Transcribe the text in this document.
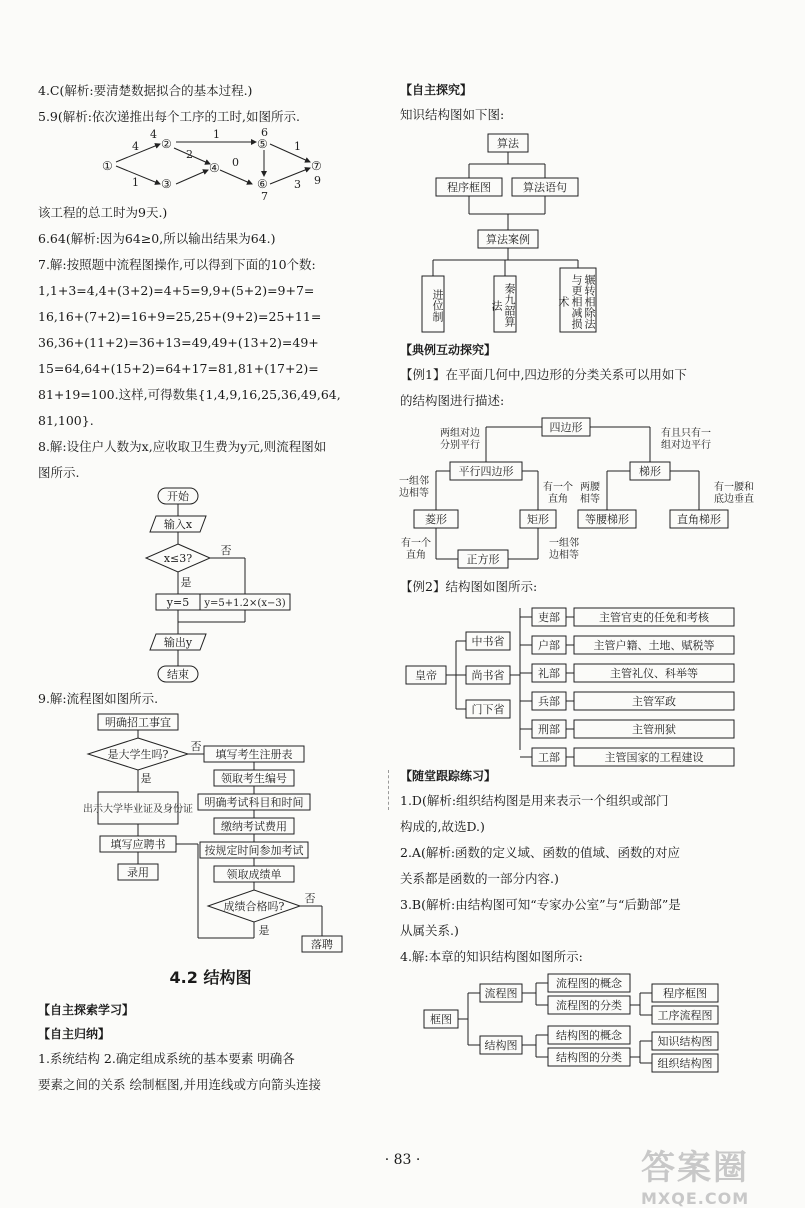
4.C(解析:要清楚数据拟合的基本过程.)

5.9(解析:依次递推出每个工序的工时,如图所示.

①
②
③
④
⑤
⑥
⑦
6
9
7
4
1
1
0
1
3
2
4

该工程的总工时为9天.)

6.64(解析:因为64≥0,所以输出结果为64.)

7.解:按照题中流程图操作,可以得到下面的10个数:

1,1+3=4,4+(3+2)=4+5=9,9+(5+2)=9+7=

16,16+(7+2)=16+9=25,25+(9+2)=25+11=

36,36+(11+2)=36+13=49,49+(13+2)=49+

15=64,64+(15+2)=64+17=81,81+(17+2)=

81+19=100.这样,可得数集{1,4,9,16,25,36,49,64,

81,100}.

8.解:设住户人数为x,应收取卫生费为y元,则流程图如

图所示.

开始
输入x
x≤3?
否
是
y=5 y=5+1.2×(x−3)
输出y
结束

9.解:流程图如图所示.

明确招工事宜
是大学生吗?
否
是
填写考生注册表
领取考生编号
明确考试科目和时间
缴纳考试费用
按规定时间参加考试
领取成绩单
成绩合格吗?
否
是
落聘
出示大学毕业证及身份证
填写应聘书
录用
4.2 结构图
【自主探索学习】
【自主归纳】

1.系统结构 2.确定组成系统的基本要素 明确各

要素之间的关系 绘制框图,并用连线或方向箭头连接

【自主探究】

知识结构图如下图:

算法
程序框图	算法语句
算法案例
进位制	秦九韶算法	辗转相除法与更相减损术
【典例互动探究】

【例1】在平面几何中,四边形的分类关系可以用如下

的结构图进行描述:

四边形
平行四边形	梯形
菱形	矩形
正方形
等腰梯形	直角梯形
两组对边
分别平行
有且只有一
组对边平行
一组邻
边相等
有一个
直角
两腰
相等
有一腰和
底边垂直
有一个
直角
一组邻
边相等

【例2】结构图如图所示:

皇帝
中书省
尚书省
门下省
吏部	主管官吏的任免和考核
户部	主管户籍、土地、赋税等
礼部	主管礼仪、科举等
兵部	主管军政
刑部	主管刑狱
工部	主管国家的工程建设
【随堂跟踪练习】

1.D(解析:组织结构图是用来表示一个组织或部门

构成的,故选D.)

2.A(解析:函数的定义域、函数的值域、函数的对应

关系都是函数的一部分内容.)

3.B(解析:由结构图可知“专家办公室”与“后勤部”是

从属关系.)

4.解:本章的知识结构图如图所示:

框图
流程图
结构图
流程图的概念
流程图的分类
结构图的概念
结构图的分类
程序框图
工序流程图
知识结构图
组织结构图
· 83 ·	答案圈
MXQE.COM
